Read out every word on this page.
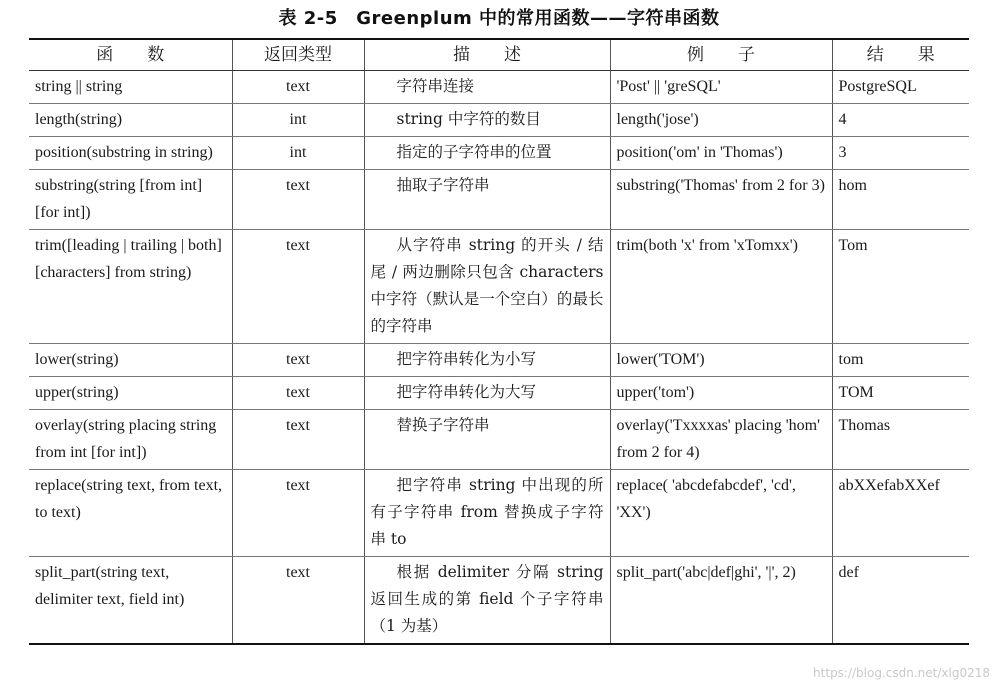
表 2-5　Greenplum 中的常用函数——字符串函数
函　　数	返回类型	描　　述	例　　子	结　　果
string || string	text	字符串连接	'Post' || 'greSQL'	PostgreSQL
length(string)	int	string 中字符的数目	length('jose')	4
position(substring in string)	int	指定的子字符串的位置	position('om' in 'Thomas')	3
substring(string [from int] [for int])	text	抽取子字符串	substring('Thomas' from 2 for 3)	hom
trim([leading | trailing | both] [characters] from string)	text	从字符串 string 的开头 / 结尾 / 两边删除只包含 characters 中字符（默认是一个空白）的最长的字符串	trim(both 'x' from 'xTomxx')	Tom
lower(string)	text	把字符串转化为小写	lower('TOM')	tom
upper(string)	text	把字符串转化为大写	upper('tom')	TOM
overlay(string placing string from int [for int])	text	替换子字符串	overlay('Txxxxas' placing 'hom' from 2 for 4)	Thomas
replace(string text, from text, to text)	text	把字符串 string 中出现的所有子字符串 from 替换成子字符串 to	replace( 'abcdefabcdef', 'cd', 'XX')	abXXefabXXef
split_part(string text, delimiter text, field int)	text	根据 delimiter 分隔 string 返回生成的第 field 个子字符串（1 为基）	split_part('abc|def|ghi', '|', 2)	def
https://blog.csdn.net/xlg0218
